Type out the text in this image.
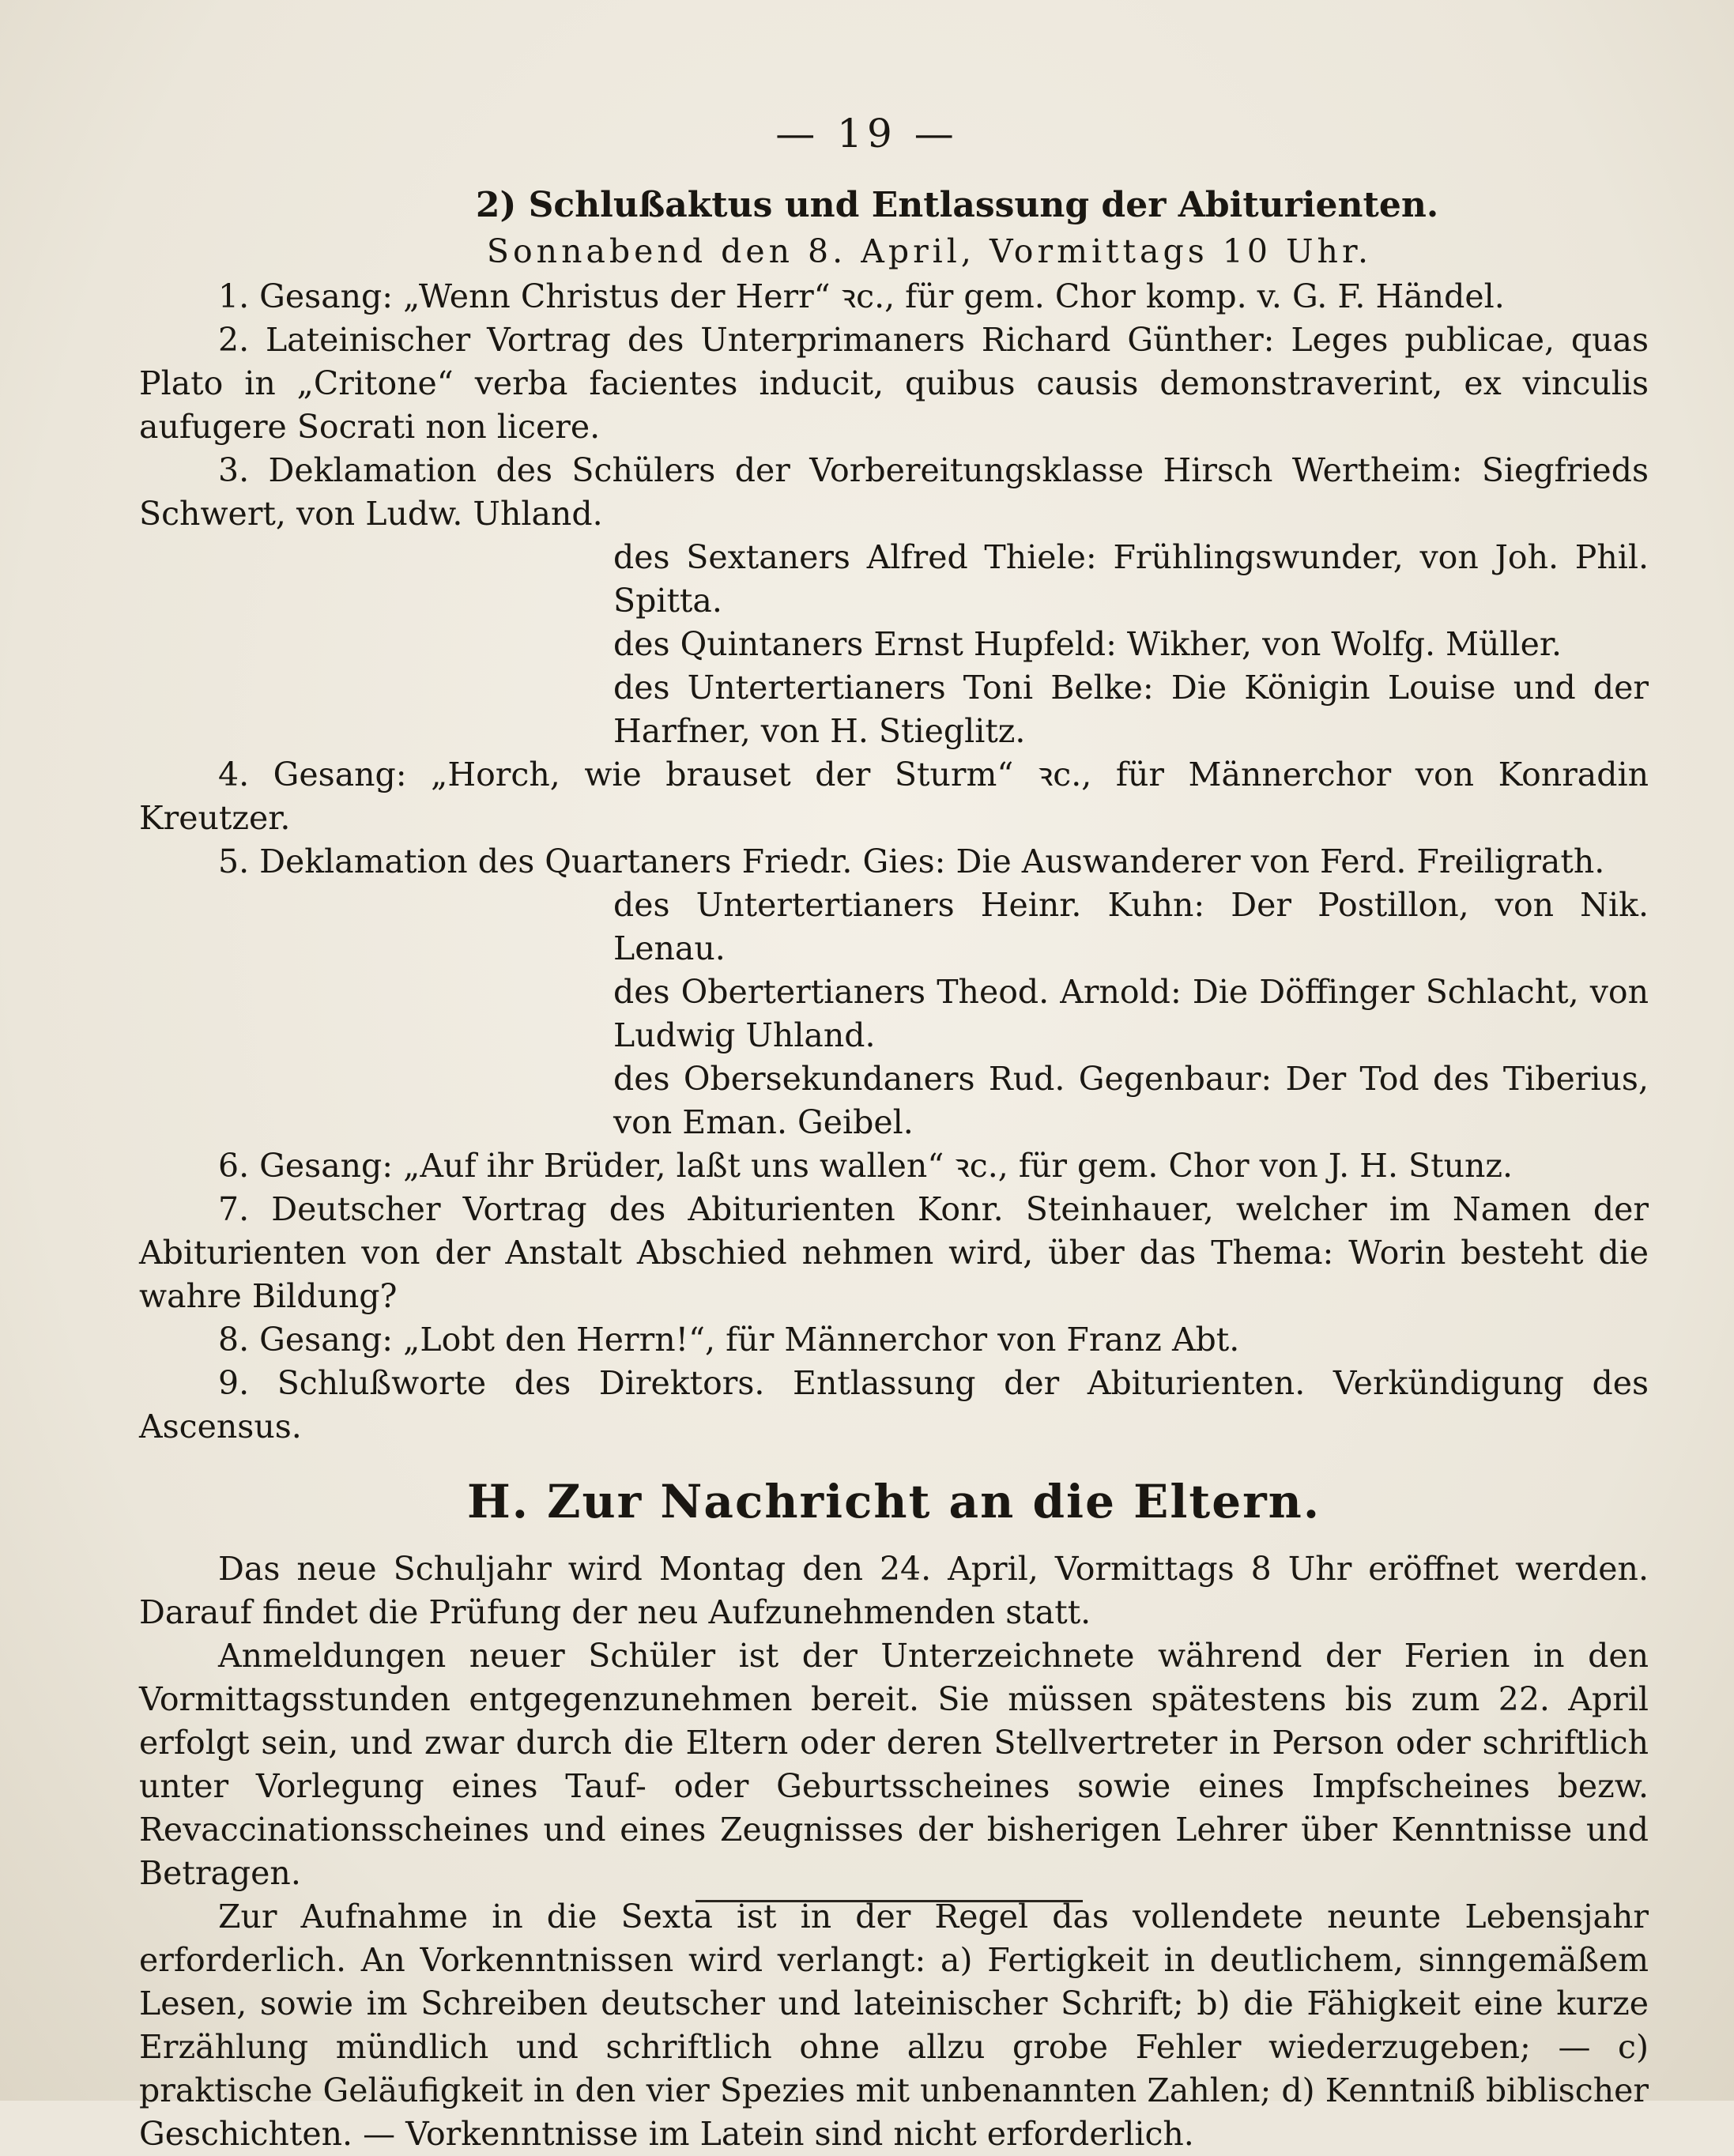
— 19 —
2) Schlußaktus und Entlassung der Abiturienten.
Sonnabend den 8. April, Vormittags 10 Uhr.

1. Gesang: „Wenn Christus der Herr“ ꝛc., für gem. Chor komp. v. G. F. Händel.

2. Lateinischer Vortrag des Unterprimaners Richard Günther: Leges publicae, quas Plato in „Critone“ verba facientes inducit, quibus causis demonstraverint, ex vinculis aufugere Socrati non licere.

3. Deklamation des Schülers der Vorbereitungsklasse Hirsch Wertheim: Siegfrieds Schwert, von Ludw. Uhland.

des Sextaners Alfred Thiele: Frühlingswunder, von Joh. Phil. Spitta.

des Quintaners Ernst Hupfeld: Wikher, von Wolfg. Müller.

des Untertertianers Toni Belke: Die Königin Louise und der Harfner, von H. Stieglitz.

4. Gesang: „Horch, wie brauset der Sturm“ ꝛc., für Männerchor von Konradin Kreutzer.

5. Deklamation des Quartaners Friedr. Gies: Die Auswanderer von Ferd. Freiligrath.

des Untertertianers Heinr. Kuhn: Der Postillon, von Nik. Lenau.

des Obertertianers Theod. Arnold: Die Döffinger Schlacht, von Ludwig Uhland.

des Obersekundaners Rud. Gegenbaur: Der Tod des Tiberius, von Eman. Geibel.

6. Gesang: „Auf ihr Brüder, laßt uns wallen“ ꝛc., für gem. Chor von J. H. Stunz.

7. Deutscher Vortrag des Abiturienten Konr. Steinhauer, welcher im Namen der Abiturienten von der Anstalt Abschied nehmen wird, über das Thema: Worin besteht die wahre Bildung?

8. Gesang: „Lobt den Herrn!“, für Männerchor von Franz Abt.

9. Schlußworte des Direktors. Entlassung der Abiturienten. Verkündigung des Ascensus.

H. Zur Nachricht an die Eltern.

Das neue Schuljahr wird Montag den 24. April, Vormittags 8 Uhr eröffnet werden. Darauf findet die Prüfung der neu Aufzunehmenden statt.

Anmeldungen neuer Schüler ist der Unterzeichnete während der Ferien in den Vormittagsstunden entgegenzunehmen bereit. Sie müssen spätestens bis zum 22. April erfolgt sein, und zwar durch die Eltern oder deren Stellvertreter in Person oder schriftlich unter Vorlegung eines Tauf- oder Geburtsscheines sowie eines Impfscheines bezw. Revaccinationsscheines und eines Zeugnisses der bisherigen Lehrer über Kenntnisse und Betragen.

Zur Aufnahme in die Sexta ist in der Regel das vollendete neunte Lebensjahr erforderlich. An Vorkenntnissen wird verlangt: a) Fertigkeit in deutlichem, sinngemäßem Lesen, sowie im Schreiben deutscher und lateinischer Schrift; b) die Fähigkeit eine kurze Erzählung mündlich und schriftlich ohne allzu grobe Fehler wiederzugeben; — c) praktische Geläufigkeit in den vier Spezies mit unbenannten Zahlen; d) Kenntniß biblischer Geschichten. — Vorkenntnisse im Latein sind nicht erforderlich.
